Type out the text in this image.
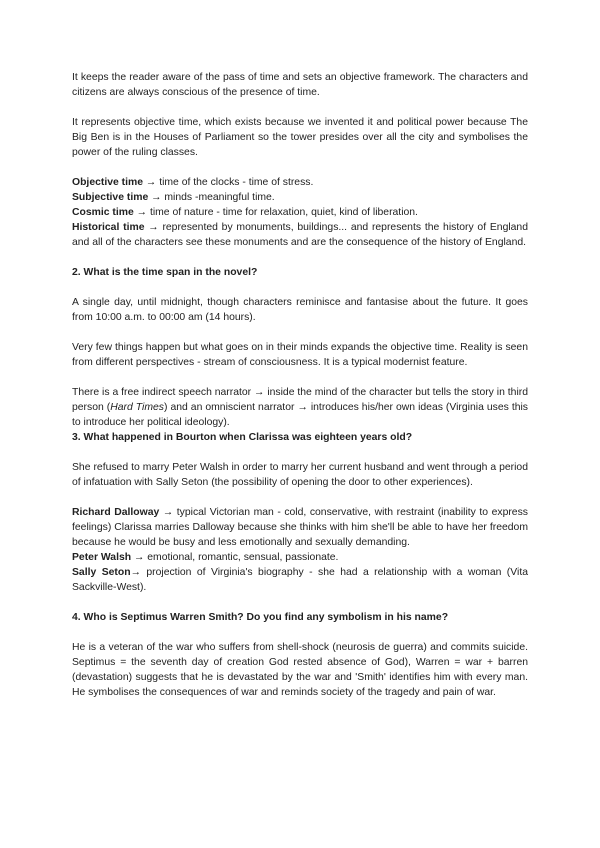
It keeps the reader aware of the pass of time and sets an objective framework. The characters and citizens are always conscious of the presence of time.

It represents objective time, which exists because we invented it and political power because The Big Ben is in the Houses of Parliament so the tower presides over all the city and symbolises the power of the ruling classes.

Objective time → time of the clocks - time of stress.

Subjective time → minds -meaningful time.

Cosmic time → time of nature - time for relaxation, quiet, kind of liberation.

Historical time → represented by monuments, buildings... and represents the history of England and all of the characters see these monuments and are the consequence of the history of England.

2. What is the time span in the novel?

A single day, until midnight, though characters reminisce and fantasise about the future. It goes from 10:00 a.m. to 00:00 am (14 hours).

Very few things happen but what goes on in their minds expands the objective time. Reality is seen from different perspectives - stream of consciousness. It is a typical modernist feature.

There is a free indirect speech narrator → inside the mind of the character but tells the story in third person (Hard Times) and an omniscient narrator → introduces his/her own ideas (Virginia uses this to introduce her political ideology).

3. What happened in Bourton when Clarissa was eighteen years old?

She refused to marry Peter Walsh in order to marry her current husband and went through a period of infatuation with Sally Seton (the possibility of opening the door to other experiences).

Richard Dalloway → typical Victorian man - cold, conservative, with restraint (inability to express feelings) Clarissa marries Dalloway because she thinks with him she'll be able to have her freedom because he would be busy and less emotionally and sexually demanding.

Peter Walsh → emotional, romantic, sensual, passionate.

Sally Seton→ projection of Virginia's biography - she had a relationship with a woman (Vita Sackville-West).

4. Who is Septimus Warren Smith? Do you find any symbolism in his name?

He is a veteran of the war who suffers from shell-shock (neurosis de guerra) and commits suicide. Septimus = the seventh day of creation God rested absence of God), Warren = war + barren (devastation) suggests that he is devastated by the war and 'Smith' identifies him with every man. He symbolises the consequences of war and reminds society of the tragedy and pain of war.
